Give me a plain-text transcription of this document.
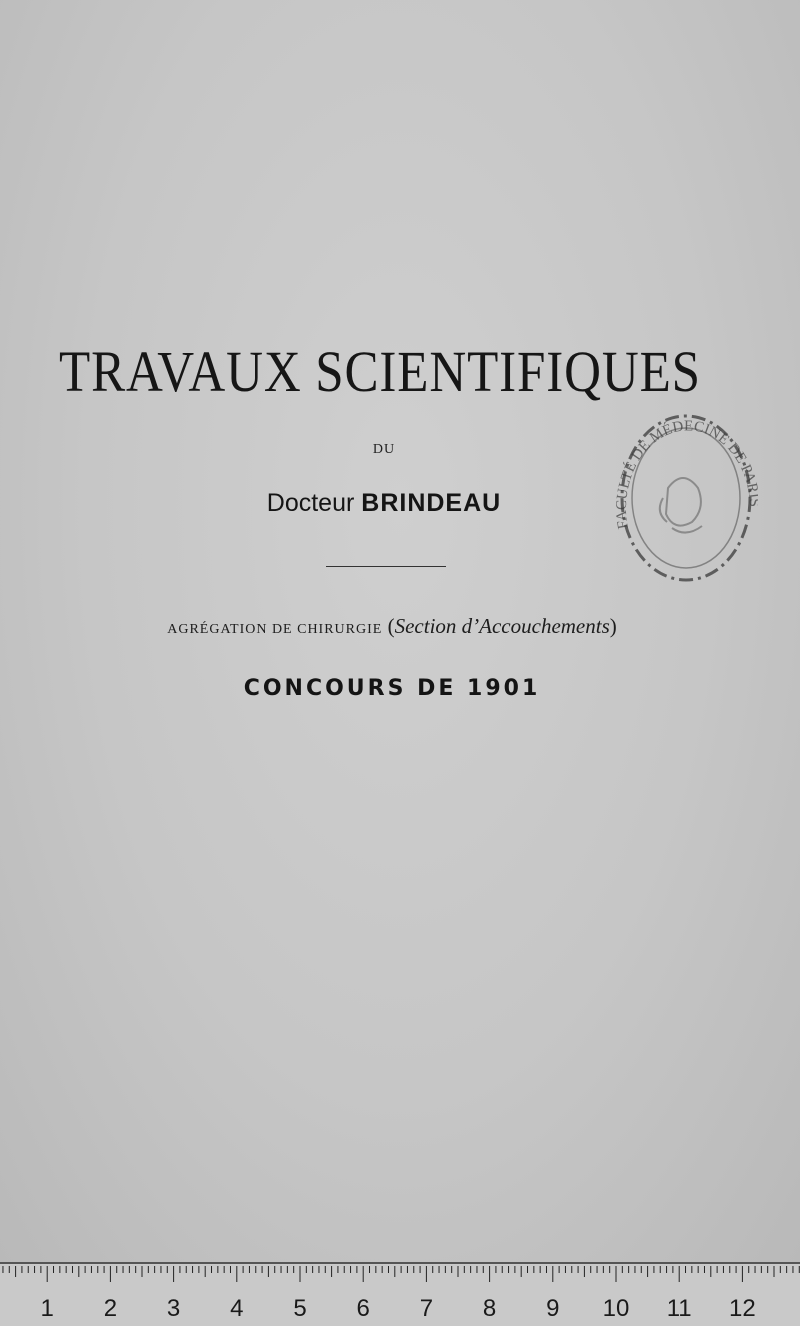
TRAVAUX SCIENTIFIQUES
DU
Docteur BRINDEAU
AGRÉGATION DE CHIRURGIE (Section d’Accouchements)
CONCOURS DE 1901
FACULTÉ DE MÉDECINE DE PA
1 2 3 4 5 6 7 8 9 10 11 12
